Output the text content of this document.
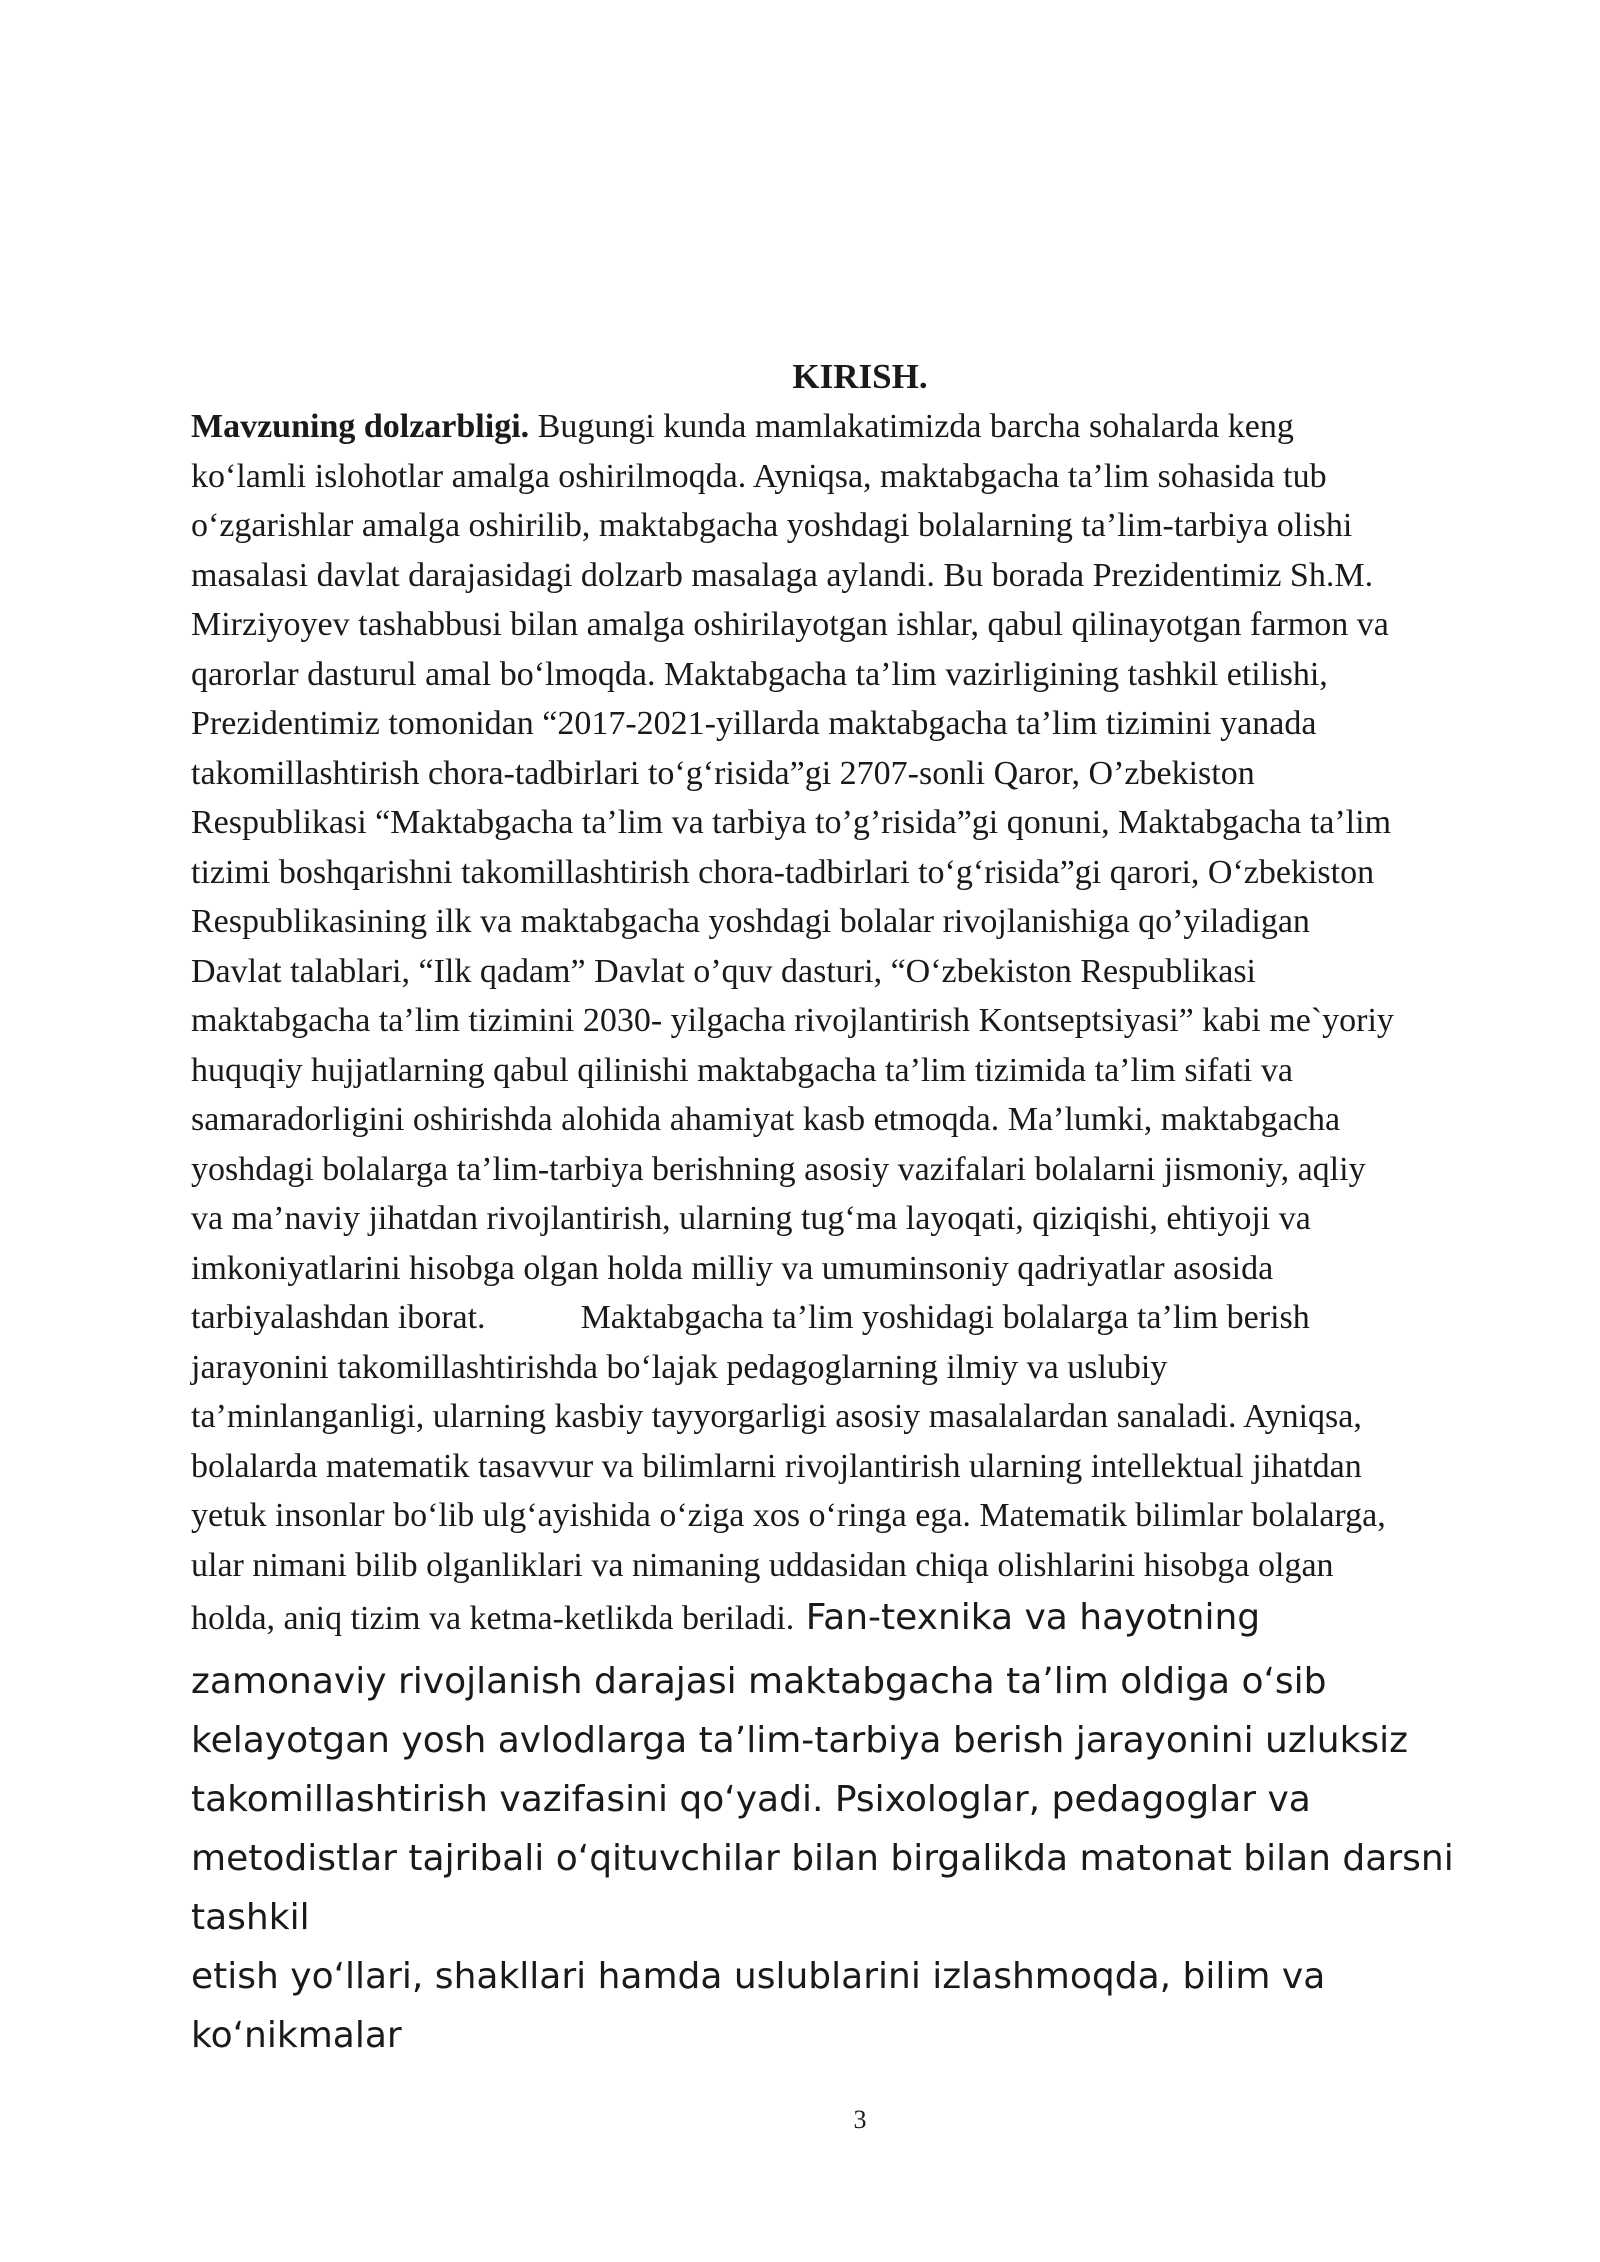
KIRISH.
Mavzuning dolzarbligi. Bugungi kunda mamlakatimizda barcha sohalarda keng
ko‘lamli islohotlar amalga oshirilmoqda. Ayniqsa, maktabgacha ta’lim sohasida tub
o‘zgarishlar amalga oshirilib, maktabgacha yoshdagi bolalarning ta’lim-tarbiya olishi
masalasi davlat darajasidagi dolzarb masalaga aylandi. Bu borada Prezidentimiz Sh.M.
Mirziyoyev tashabbusi bilan amalga oshirilayotgan ishlar, qabul qilinayotgan farmon va
qarorlar dasturul amal bo‘lmoqda. Maktabgacha ta’lim vazirligining tashkil etilishi,
Prezidentimiz tomonidan “2017-2021-yillarda maktabgacha ta’lim tizimini yanada
takomillashtirish chora-tadbirlari to‘g‘risida”gi 2707-sonli Qaror, O’zbekiston
Respublikasi “Maktabgacha ta’lim va tarbiya to’g’risida”gi qonuni, Maktabgacha ta’lim
tizimi boshqarishni takomillashtirish chora-tadbirlari to‘g‘risida”gi qarori, O‘zbekiston
Respublikasining ilk va maktabgacha yoshdagi bolalar rivojlanishiga qo’yiladigan
Davlat talablari, “Ilk qadam” Davlat o’quv dasturi, “O‘zbekiston Respublikasi
maktabgacha ta’lim tizimini 2030- yilgacha rivojlantirish Kontseptsiyasi” kabi me`yoriy
huquqiy hujjatlarning qabul qilinishi maktabgacha ta’lim tizimida ta’lim sifati va
samaradorligini oshirishda alohida ahamiyat kasb etmoqda. Ma’lumki, maktabgacha
yoshdagi bolalarga ta’lim-tarbiya berishning asosiy vazifalari bolalarni jismoniy, aqliy
va ma’naviy jihatdan rivojlantirish, ularning tug‘ma layoqati, qiziqishi, ehtiyoji va
imkoniyatlarini hisobga olgan holda milliy va umuminsoniy qadriyatlar asosida
tarbiyalashdan iborat.	Maktabgacha ta’lim yoshidagi bolalarga ta’lim berish
jarayonini takomillashtirishda bo‘lajak pedagoglarning ilmiy va uslubiy
ta’minlanganligi, ularning kasbiy tayyorgarligi asosiy masalalardan sanaladi. Ayniqsa,
bolalarda matematik tasavvur va bilimlarni rivojlantirish ularning intellektual jihatdan
yetuk insonlar bo‘lib ulg‘ayishida o‘ziga xos o‘ringa ega. Matematik bilimlar bolalarga,
ular nimani bilib olganliklari va nimaning uddasidan chiqa olishlarini hisobga olgan
holda, aniq tizim va ketma-ketlikda beriladi. Fan-texnika va hayotning
zamonaviy rivojlanish darajasi maktabgacha ta’lim oldiga o‘sib
kelayotgan yosh avlodlarga ta’lim-tarbiya berish jarayonini uzluksiz
takomillashtirish vazifasini qo‘yadi. Psixologlar, pedagoglar va
metodistlar tajribali o‘qituvchilar bilan birgalikda matonat bilan darsni
tashkil
etish yo‘llari, shakllari hamda uslublarini izlashmoqda, bilim va
ko‘nikmalar
3
